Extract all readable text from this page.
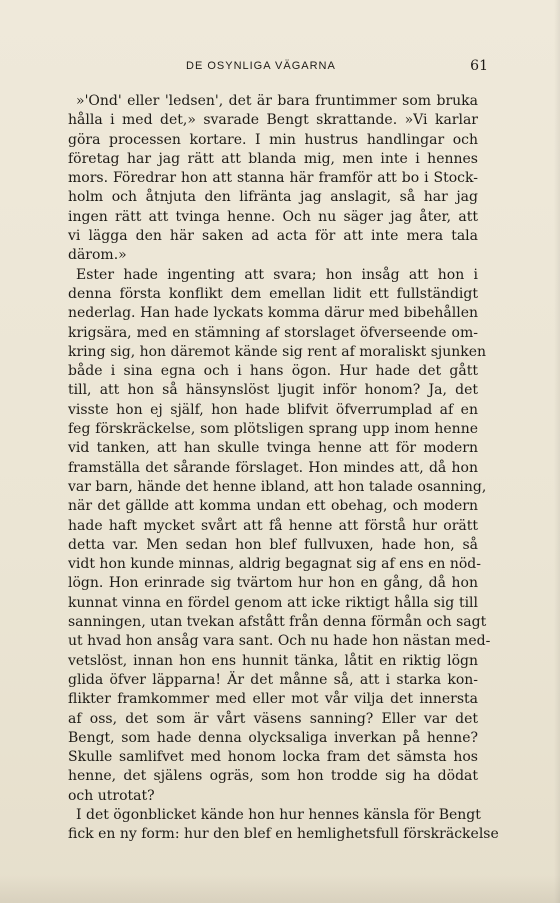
DE OSYNLIGA VÄGARNA	61
»'Ond' eller 'ledsen', det är bara fruntimmer som bruka
hålla i med det,» svarade Bengt skrattande. »Vi karlar
göra processen kortare. I min hustrus handlingar och
företag har jag rätt att blanda mig, men inte i hennes
mors. Föredrar hon att stanna här framför att bo i Stock-
holm och åtnjuta den lifränta jag anslagit, så har jag
ingen rätt att tvinga henne. Och nu säger jag åter, att
vi lägga den här saken ad acta för att inte mera tala
därom.»
Ester hade ingenting att svara; hon insåg att hon i
denna första konflikt dem emellan lidit ett fullständigt
nederlag. Han hade lyckats komma därur med bibehållen
krigsära, med en stämning af storslaget öfverseende om-
kring sig, hon däremot kände sig rent af moraliskt sjunken
både i sina egna och i hans ögon. Hur hade det gått
till, att hon så hänsynslöst ljugit inför honom? Ja, det
visste hon ej själf, hon hade blifvit öfverrumplad af en
feg förskräckelse, som plötsligen sprang upp inom henne
vid tanken, att han skulle tvinga henne att för modern
framställa det sårande förslaget. Hon mindes att, då hon
var barn, hände det henne ibland, att hon talade osanning,
när det gällde att komma undan ett obehag, och modern
hade haft mycket svårt att få henne att förstå hur orätt
detta var. Men sedan hon blef fullvuxen, hade hon, så
vidt hon kunde minnas, aldrig begagnat sig af ens en nöd-
lögn. Hon erinrade sig tvärtom hur hon en gång, då hon
kunnat vinna en fördel genom att icke riktigt hålla sig till
sanningen, utan tvekan afstått från denna förmån och sagt
ut hvad hon ansåg vara sant. Och nu hade hon nästan med-
vetslöst, innan hon ens hunnit tänka, låtit en riktig lögn
glida öfver läpparna! Är det månne så, att i starka kon-
flikter framkommer med eller mot vår vilja det innersta
af oss, det som är vårt väsens sanning? Eller var det
Bengt, som hade denna olycksaliga inverkan på henne?
Skulle samlifvet med honom locka fram det sämsta hos
henne, det själens ogräs, som hon trodde sig ha dödat
och utrotat?
I det ögonblicket kände hon hur hennes känsla för Bengt
fick en ny form: hur den blef en hemlighetsfull förskräckelse
